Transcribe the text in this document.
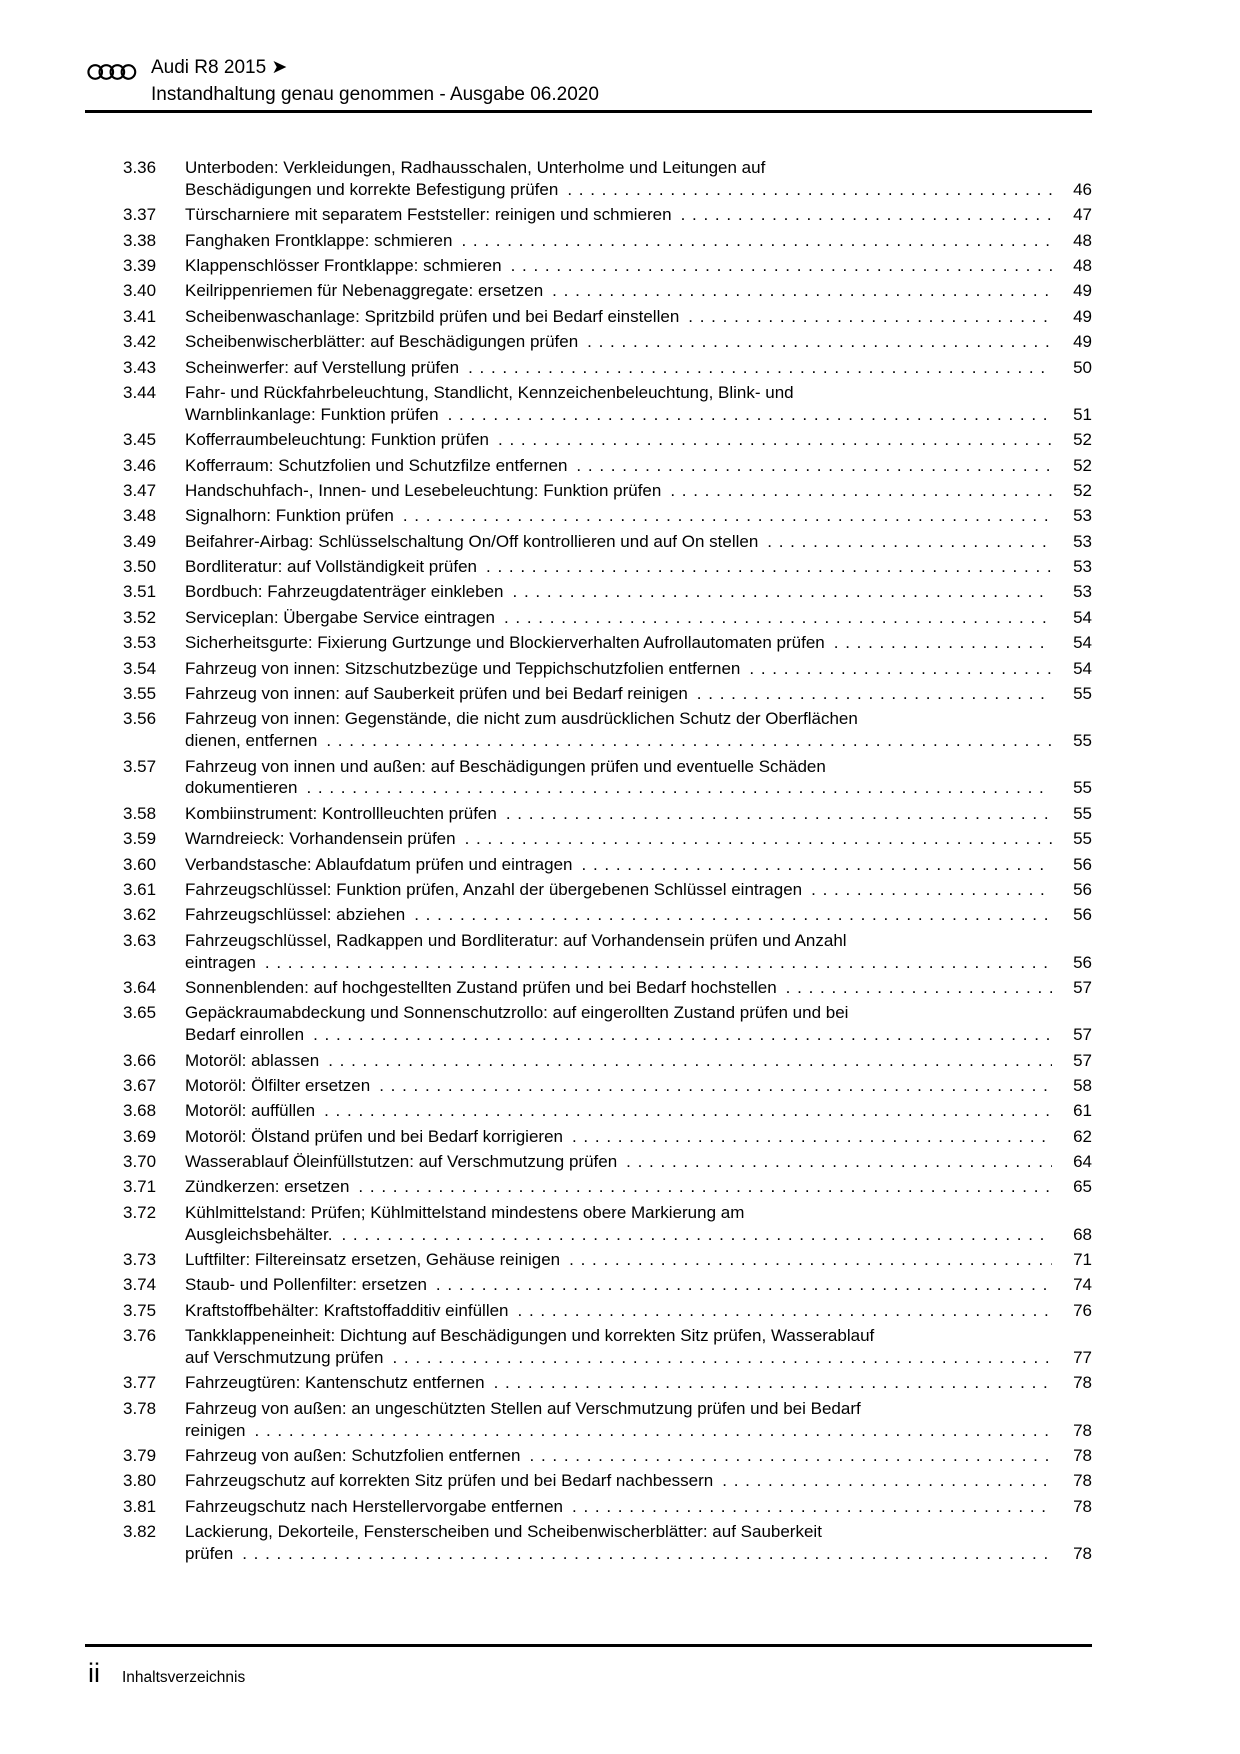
Audi R8 2015 ➤
Instandhaltung genau genommen - Ausgabe 06.2020
3.36	Unterboden: Verkleidungen, Radhausschalen, Unterholme und Leitungen auf
Beschädigungen und korrekte Befestigung prüfen . . .	46
3.37	Türscharniere mit separatem Feststeller: reinigen und schmieren . . .	47
3.38	Fanghaken Frontklappe: schmieren . . .	48
3.39	Klappenschlösser Frontklappe: schmieren . . .	48
3.40	Keilrippenriemen für Nebenaggregate: ersetzen . . .	49
3.41	Scheibenwaschanlage: Spritzbild prüfen und bei Bedarf einstellen . . .	49
3.42	Scheibenwischerblätter: auf Beschädigungen prüfen . . .	49
3.43	Scheinwerfer: auf Verstellung prüfen . . .	50
3.44	Fahr- und Rückfahrbeleuchtung, Standlicht, Kennzeichenbeleuchtung, Blink- und
Warnblinkanlage: Funktion prüfen . . .	51
3.45	Kofferraumbeleuchtung: Funktion prüfen . . .	52
3.46	Kofferraum: Schutzfolien und Schutzfilze entfernen . . .	52
3.47	Handschuhfach-, Innen- und Lesebeleuchtung: Funktion prüfen . . .	52
3.48	Signalhorn: Funktion prüfen . . .	53
3.49	Beifahrer-Airbag: Schlüsselschaltung On/Off kontrollieren und auf On stellen . . .	53
3.50	Bordliteratur: auf Vollständigkeit prüfen . . .	53
3.51	Bordbuch: Fahrzeugdatenträger einkleben . . .	53
3.52	Serviceplan: Übergabe Service eintragen . . .	54
3.53	Sicherheitsgurte: Fixierung Gurtzunge und Blockierverhalten Aufrollautomaten prüfen . . .	54
3.54	Fahrzeug von innen: Sitzschutzbezüge und Teppichschutzfolien entfernen . . .	54
3.55	Fahrzeug von innen: auf Sauberkeit prüfen und bei Bedarf reinigen . . .	55
3.56	Fahrzeug von innen: Gegenstände, die nicht zum ausdrücklichen Schutz der Oberflächen
dienen, entfernen . . .	55
3.57	Fahrzeug von innen und außen: auf Beschädigungen prüfen und eventuelle Schäden
dokumentieren . . .	55
3.58	Kombiinstrument: Kontrollleuchten prüfen . . .	55
3.59	Warndreieck: Vorhandensein prüfen . . .	55
3.60	Verbandstasche: Ablaufdatum prüfen und eintragen . . .	56
3.61	Fahrzeugschlüssel: Funktion prüfen, Anzahl der übergebenen Schlüssel eintragen . . .	56
3.62	Fahrzeugschlüssel: abziehen . . .	56
3.63	Fahrzeugschlüssel, Radkappen und Bordliteratur: auf Vorhandensein prüfen und Anzahl
eintragen . . .	56
3.64	Sonnenblenden: auf hochgestellten Zustand prüfen und bei Bedarf hochstellen . . .	57
3.65	Gepäckraumabdeckung und Sonnenschutzrollo: auf eingerollten Zustand prüfen und bei
Bedarf einrollen . . .	57
3.66	Motoröl: ablassen . . .	57
3.67	Motoröl: Ölfilter ersetzen . . .	58
3.68	Motoröl: auffüllen . . .	61
3.69	Motoröl: Ölstand prüfen und bei Bedarf korrigieren . . .	62
3.70	Wasserablauf Öleinfüllstutzen: auf Verschmutzung prüfen . . .	64
3.71	Zündkerzen: ersetzen . . .	65
3.72	Kühlmittelstand: Prüfen; Kühlmittelstand mindestens obere Markierung am
Ausgleichsbehälter. . . .	68
3.73	Luftfilter: Filtereinsatz ersetzen, Gehäuse reinigen . . .	71
3.74	Staub- und Pollenfilter: ersetzen . . .	74
3.75	Kraftstoffbehälter: Kraftstoffadditiv einfüllen . . .	76
3.76	Tankklappeneinheit: Dichtung auf Beschädigungen und korrekten Sitz prüfen, Wasserablauf
auf Verschmutzung prüfen . . .	77
3.77	Fahrzeugtüren: Kantenschutz entfernen . . .	78
3.78	Fahrzeug von außen: an ungeschützten Stellen auf Verschmutzung prüfen und bei Bedarf
reinigen . . .	78
3.79	Fahrzeug von außen: Schutzfolien entfernen . . .	78
3.80	Fahrzeugschutz auf korrekten Sitz prüfen und bei Bedarf nachbessern . . .	78
3.81	Fahrzeugschutz nach Herstellervorgabe entfernen . . .	78
3.82	Lackierung, Dekorteile, Fensterscheiben und Scheibenwischerblätter: auf Sauberkeit
prüfen . . .	78
ii Inhaltsverzeichnis
